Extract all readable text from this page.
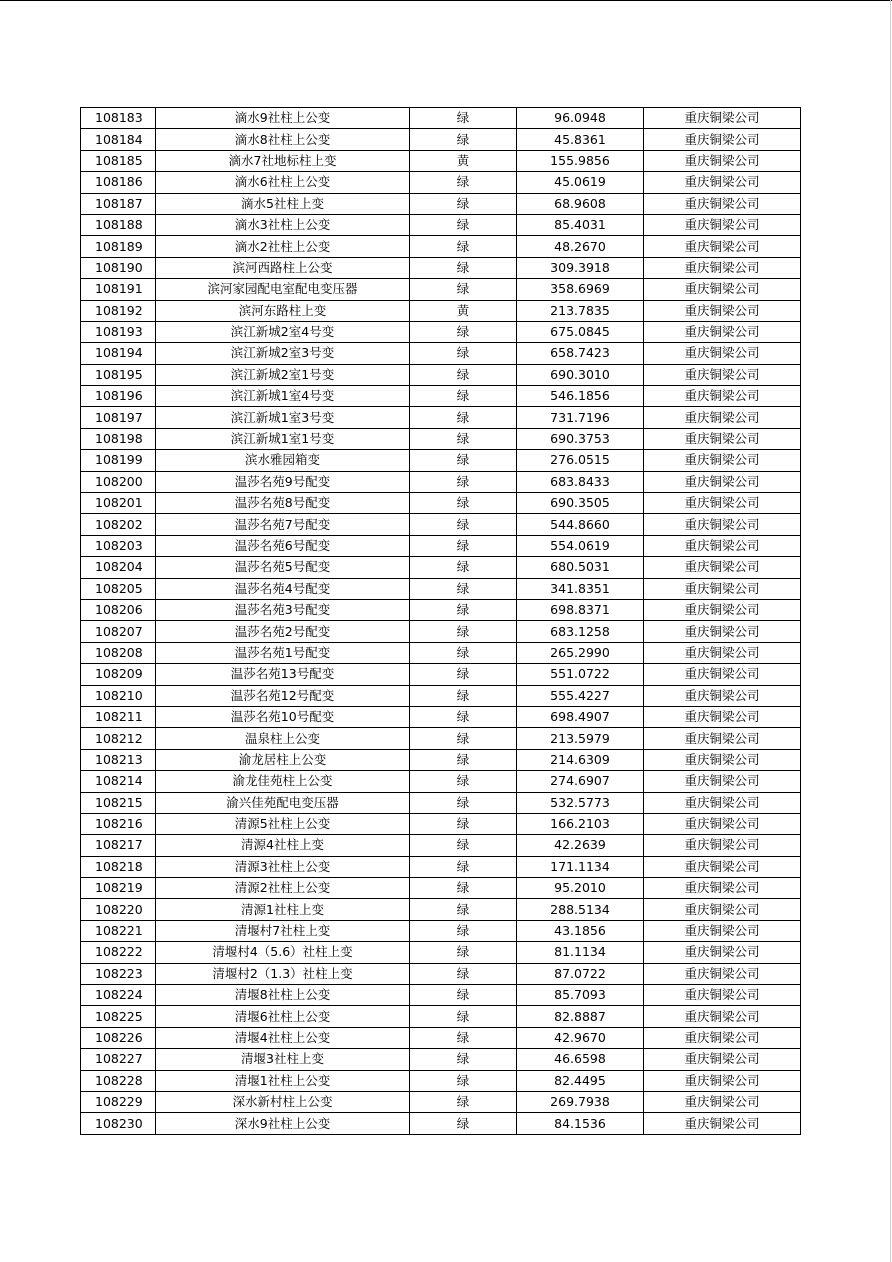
108183	滴水9社柱上公变	绿	96.0948	重庆铜梁公司
108184	滴水8社柱上公变	绿	45.8361	重庆铜梁公司
108185	滴水7社地标柱上变	黄	155.9856	重庆铜梁公司
108186	滴水6社柱上公变	绿	45.0619	重庆铜梁公司
108187	滴水5社柱上变	绿	68.9608	重庆铜梁公司
108188	滴水3社柱上公变	绿	85.4031	重庆铜梁公司
108189	滴水2社柱上公变	绿	48.2670	重庆铜梁公司
108190	滨河西路柱上公变	绿	309.3918	重庆铜梁公司
108191	滨河家园配电室配电变压器	绿	358.6969	重庆铜梁公司
108192	滨河东路柱上变	黄	213.7835	重庆铜梁公司
108193	滨江新城2室4号变	绿	675.0845	重庆铜梁公司
108194	滨江新城2室3号变	绿	658.7423	重庆铜梁公司
108195	滨江新城2室1号变	绿	690.3010	重庆铜梁公司
108196	滨江新城1室4号变	绿	546.1856	重庆铜梁公司
108197	滨江新城1室3号变	绿	731.7196	重庆铜梁公司
108198	滨江新城1室1号变	绿	690.3753	重庆铜梁公司
108199	滨水雅园箱变	绿	276.0515	重庆铜梁公司
108200	温莎名苑9号配变	绿	683.8433	重庆铜梁公司
108201	温莎名苑8号配变	绿	690.3505	重庆铜梁公司
108202	温莎名苑7号配变	绿	544.8660	重庆铜梁公司
108203	温莎名苑6号配变	绿	554.0619	重庆铜梁公司
108204	温莎名苑5号配变	绿	680.5031	重庆铜梁公司
108205	温莎名苑4号配变	绿	341.8351	重庆铜梁公司
108206	温莎名苑3号配变	绿	698.8371	重庆铜梁公司
108207	温莎名苑2号配变	绿	683.1258	重庆铜梁公司
108208	温莎名苑1号配变	绿	265.2990	重庆铜梁公司
108209	温莎名苑13号配变	绿	551.0722	重庆铜梁公司
108210	温莎名苑12号配变	绿	555.4227	重庆铜梁公司
108211	温莎名苑10号配变	绿	698.4907	重庆铜梁公司
108212	温泉柱上公变	绿	213.5979	重庆铜梁公司
108213	渝龙居柱上公变	绿	214.6309	重庆铜梁公司
108214	渝龙佳苑柱上公变	绿	274.6907	重庆铜梁公司
108215	渝兴佳苑配电变压器	绿	532.5773	重庆铜梁公司
108216	清源5社柱上公变	绿	166.2103	重庆铜梁公司
108217	清源4社柱上变	绿	42.2639	重庆铜梁公司
108218	清源3社柱上公变	绿	171.1134	重庆铜梁公司
108219	清源2社柱上公变	绿	95.2010	重庆铜梁公司
108220	清源1社柱上变	绿	288.5134	重庆铜梁公司
108221	清堰村7社柱上变	绿	43.1856	重庆铜梁公司
108222	清堰村4（5.6）社柱上变	绿	81.1134	重庆铜梁公司
108223	清堰村2（1.3）社柱上变	绿	87.0722	重庆铜梁公司
108224	清堰8社柱上公变	绿	85.7093	重庆铜梁公司
108225	清堰6社柱上公变	绿	82.8887	重庆铜梁公司
108226	清堰4社柱上公变	绿	42.9670	重庆铜梁公司
108227	清堰3社柱上变	绿	46.6598	重庆铜梁公司
108228	清堰1社柱上公变	绿	82.4495	重庆铜梁公司
108229	深水新村柱上公变	绿	269.7938	重庆铜梁公司
108230	深水9社柱上公变	绿	84.1536	重庆铜梁公司
